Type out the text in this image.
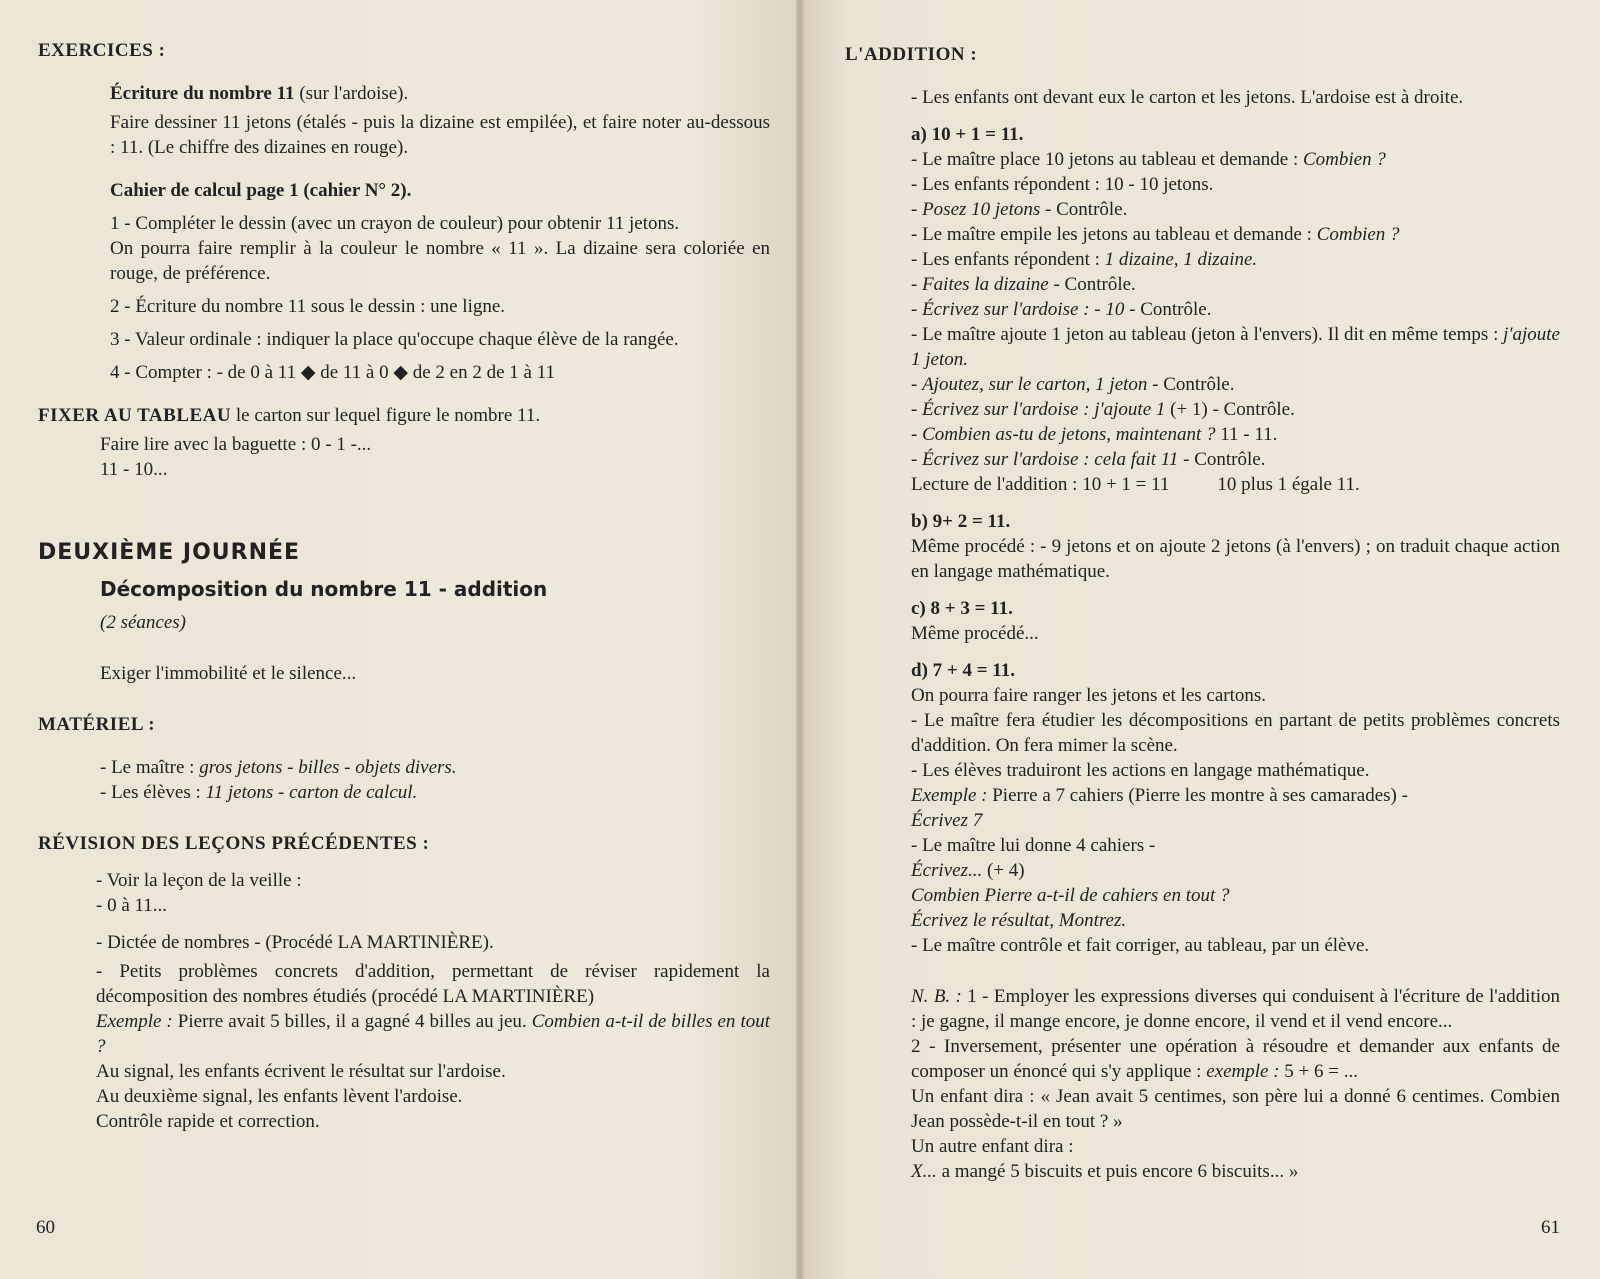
EXERCICES :

Écriture du nombre 11 (sur l'ardoise).

Faire dessiner 11 jetons (étalés - puis la dizaine est empilée), et faire noter au-dessous : 11. (Le chiffre des dizaines en rouge).

Cahier de calcul page 1 (cahier N° 2).

1 - Compléter le dessin (avec un crayon de couleur) pour obtenir 11 jetons.

On pourra faire remplir à la couleur le nombre « 11 ». La dizaine sera coloriée en rouge, de préférence.

2 - Écriture du nombre 11 sous le dessin : une ligne.

3 - Valeur ordinale : indiquer la place qu'occupe chaque élève de la rangée.

4 - Compter : - de 0 à 11 ◆ de 11 à 0 ◆ de 2 en 2 de 1 à 11

FIXER AU TABLEAU le carton sur lequel figure le nombre 11.

Faire lire avec la baguette : 0 - 1 -...

11 - 10...

DEUXIÈME JOURNÉE

Décomposition du nombre 11 - addition

(2 séances)

Exiger l'immobilité et le silence...

MATÉRIEL :

- Le maître : gros jetons - billes - objets divers.

- Les élèves : 11 jetons - carton de calcul.

RÉVISION DES LEÇONS PRÉCÉDENTES :

- Voir la leçon de la veille :

- 0 à 11...

- Dictée de nombres - (Procédé LA MARTINIÈRE).

- Petits problèmes concrets d'addition, permettant de réviser rapidement la décomposition des nombres étudiés (procédé LA MARTINIÈRE)

Exemple : Pierre avait 5 billes, il a gagné 4 billes au jeu. Combien a-t-il de billes en tout ?

Au signal, les enfants écrivent le résultat sur l'ardoise.

Au deuxième signal, les enfants lèvent l'ardoise.

Contrôle rapide et correction.

60

L'ADDITION :

- Les enfants ont devant eux le carton et les jetons. L'ardoise est à droite.

a) 10 + 1 = 11.

- Le maître place 10 jetons au tableau et demande : Combien ?

- Les enfants répondent : 10 - 10 jetons.

- Posez 10 jetons - Contrôle.

- Le maître empile les jetons au tableau et demande : Combien ?

- Les enfants répondent : 1 dizaine, 1 dizaine.

- Faites la dizaine - Contrôle.

- Écrivez sur l'ardoise : - 10 - Contrôle.

- Le maître ajoute 1 jeton au tableau (jeton à l'envers). Il dit en même temps : j'ajoute 1 jeton.

- Ajoutez, sur le carton, 1 jeton - Contrôle.

- Écrivez sur l'ardoise : j'ajoute 1 (+ 1) - Contrôle.

- Combien as-tu de jetons, maintenant ? 11 - 11.

- Écrivez sur l'ardoise : cela fait 11 - Contrôle.

Lecture de l'addition : 10 + 1 = 11	10 plus 1 égale 11.

b) 9+ 2 = 11.

Même procédé : - 9 jetons et on ajoute 2 jetons (à l'envers) ; on traduit chaque action en langage mathématique.

c) 8 + 3 = 11.

Même procédé...

d) 7 + 4 = 11.

On pourra faire ranger les jetons et les cartons.

- Le maître fera étudier les décompositions en partant de petits problèmes concrets d'addition. On fera mimer la scène.

- Les élèves traduiront les actions en langage mathématique.

Exemple : Pierre a 7 cahiers (Pierre les montre à ses camarades) -

Écrivez 7

- Le maître lui donne 4 cahiers -

Écrivez... (+ 4)

Combien Pierre a-t-il de cahiers en tout ?

Écrivez le résultat, Montrez.

- Le maître contrôle et fait corriger, au tableau, par un élève.

N. B. : 1 - Employer les expressions diverses qui conduisent à l'écriture de l'addition : je gagne, il mange encore, je donne encore, il vend et il vend encore...

2 - Inversement, présenter une opération à résoudre et demander aux enfants de composer un énoncé qui s'y applique : exemple : 5 + 6 = ...

Un enfant dira : « Jean avait 5 centimes, son père lui a donné 6 centimes. Combien Jean possède-t-il en tout ? »

Un autre enfant dira :

X... a mangé 5 biscuits et puis encore 6 biscuits... »

61
